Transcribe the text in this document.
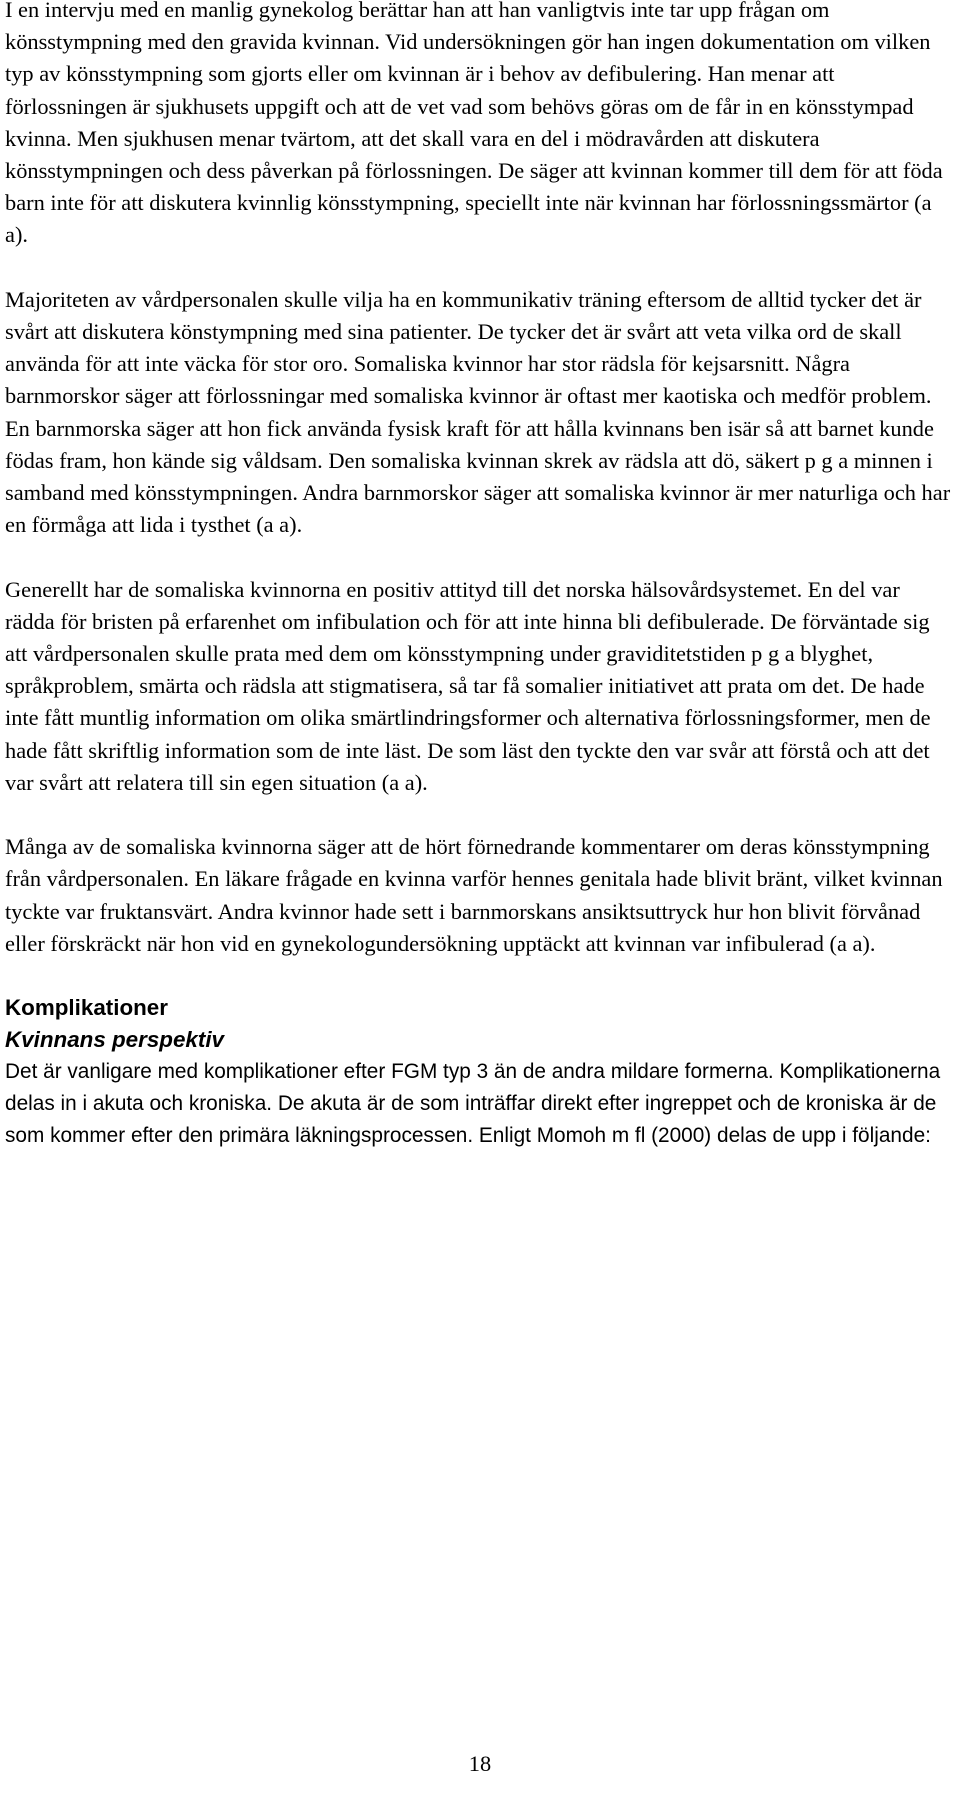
I en intervju med en manlig gynekolog berättar han att han vanligtvis inte tar upp frågan om könsstympning med den gravida kvinnan. Vid undersökningen gör han ingen dokumentation om vilken typ av könsstympning som gjorts eller om kvinnan är i behov av defibulering. Han menar att förlossningen är sjukhusets uppgift och att de vet vad som behövs göras om de får in en könsstympad kvinna. Men sjukhusen menar tvärtom, att det skall vara en del i mödravården att diskutera könsstympningen och dess påverkan på förlossningen. De säger att kvinnan kommer till dem för att föda barn inte för att diskutera kvinnlig könsstympning, speciellt inte när kvinnan har förlossningssmärtor (a a).

Majoriteten av vårdpersonalen skulle vilja ha en kommunikativ träning eftersom de alltid tycker det är svårt att diskutera könstympning med sina patienter. De tycker det är svårt att veta vilka ord de skall använda för att inte väcka för stor oro. Somaliska kvinnor har stor rädsla för kejsarsnitt. Några barnmorskor säger att förlossningar med somaliska kvinnor är oftast mer kaotiska och medför problem. En barnmorska säger att hon fick använda fysisk kraft för att hålla kvinnans ben isär så att barnet kunde födas fram, hon kände sig våldsam. Den somaliska kvinnan skrek av rädsla att dö, säkert p g a minnen i samband med könsstympningen. Andra barnmorskor säger att somaliska kvinnor är mer naturliga och har en förmåga att lida i tysthet (a a).

Generellt har de somaliska kvinnorna en positiv attityd till det norska hälsovårdsystemet. En del var rädda för bristen på erfarenhet om infibulation och för att inte hinna bli defibulerade. De förväntade sig att vårdpersonalen skulle prata med dem om könsstympning under graviditetstiden p g a blyghet, språkproblem, smärta och rädsla att stigmatisera, så tar få somalier initiativet att prata om det. De hade inte fått muntlig information om olika smärtlindringsformer och alternativa förlossningsformer, men de hade fått skriftlig information som de inte läst. De som läst den tyckte den var svår att förstå och att det var svårt att relatera till sin egen situation (a a).

Många av de somaliska kvinnorna säger att de hört förnedrande kommentarer om deras könsstympning från vårdpersonalen. En läkare frågade en kvinna varför hennes genitala hade blivit bränt, vilket kvinnan tyckte var fruktansvärt. Andra kvinnor hade sett i barnmorskans ansiktsuttryck hur hon blivit förvånad eller förskräckt när hon vid en gynekologundersökning upptäckt att kvinnan var infibulerad (a a).

Komplikationer
Kvinnans perspektiv

Det är vanligare med komplikationer efter FGM typ 3 än de andra mildare formerna. Komplikationerna delas in i akuta och kroniska. De akuta är de som inträffar direkt efter ingreppet och de kroniska är de som kommer efter den primära läkningsprocessen. Enligt Momoh m fl (2000) delas de upp i följande:

18
